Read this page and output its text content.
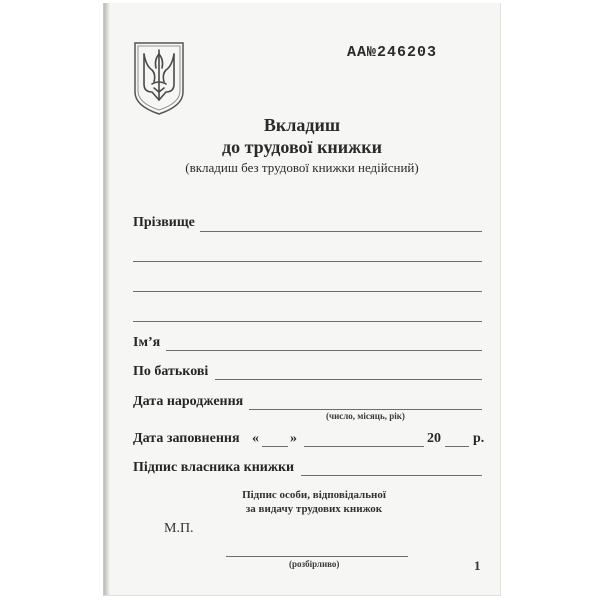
АА№246203
Вкладиш
до трудової книжки
(вкладиш без трудової книжки недійсний)
Прізвище
Ім’я
По батькові
Дата народження
(число, місяць, рік)
Дата заповнення « »	20 р.
Підпис власника книжки
Підпис особи, відповідальної
за видачу трудових книжок
М.П.
(розбірливо)	1
